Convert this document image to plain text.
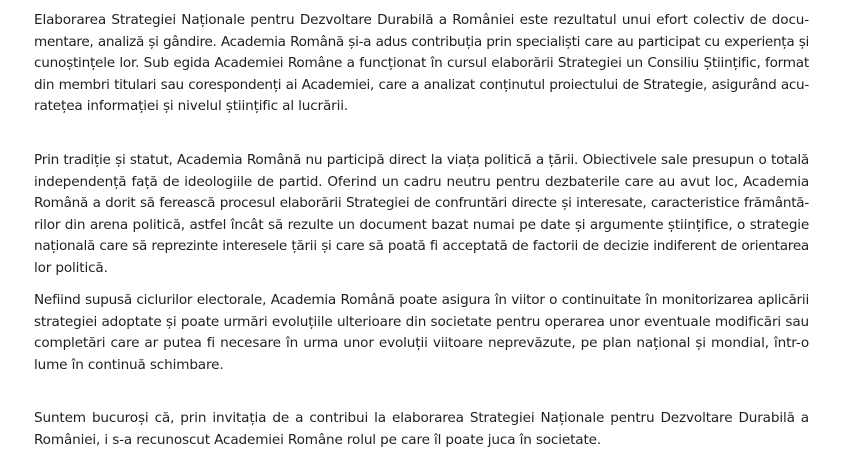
Elaborarea Strategiei Naționale pentru Dezvoltare Durabilă a României este rezultatul unui efort colectiv de docu-
mentare, analiză și gândire. Academia Română și-a adus contribuția prin specialiști care au participat cu experiența și
cunoștințele lor. Sub egida Academiei Române a funcționat în cursul elaborării Strategiei un Consiliu Științific, format
din membri titulari sau corespondenți ai Academiei, care a analizat conținutul proiectului de Strategie, asigurând acu-
ratețea informației și nivelul științific al lucrării.
Prin tradiție și statut, Academia Română nu participă direct la viața politică a țării. Obiectivele sale presupun o totală
independență față de ideologiile de partid. Oferind un cadru neutru pentru dezbaterile care au avut loc, Academia
Română a dorit să ferească procesul elaborării Strategiei de confruntări directe și interesate, caracteristice frământă-
rilor din arena politică, astfel încât să rezulte un document bazat numai pe date și argumente științifice, o strategie
națională care să reprezinte interesele țării și care să poată fi acceptată de factorii de decizie indiferent de orientarea
lor politică.
Nefiind supusă ciclurilor electorale, Academia Română poate asigura în viitor o continuitate în monitorizarea aplicării
strategiei adoptate și poate urmări evoluțiile ulterioare din societate pentru operarea unor eventuale modificări sau
completări care ar putea fi necesare în urma unor evoluții viitoare neprevăzute, pe plan național și mondial, într-o
lume în continuă schimbare.
Suntem bucuroși că, prin invitația de a contribui la elaborarea Strategiei Naționale pentru Dezvoltare Durabilă a
României, i s-a recunoscut Academiei Române rolul pe care îl poate juca în societate.
